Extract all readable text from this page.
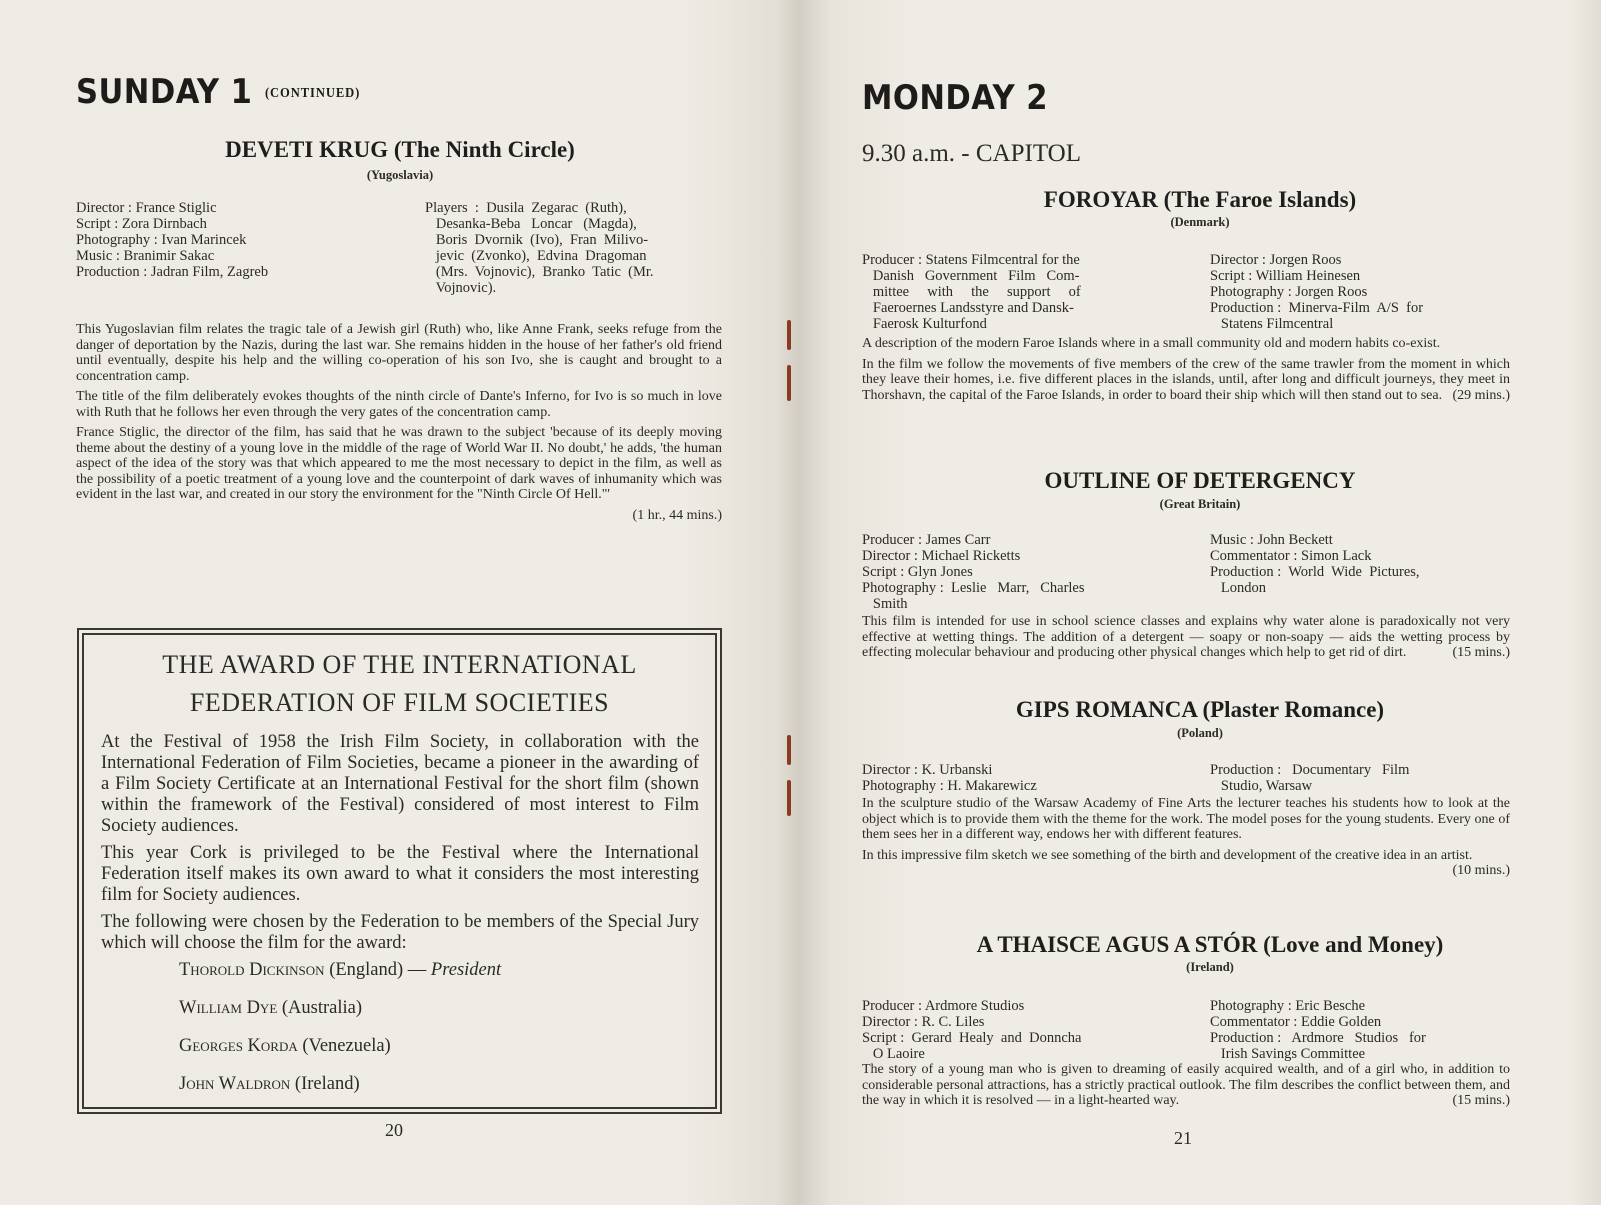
SUNDAY 1 (CONTINUED)
DEVETI KRUG (The Ninth Circle)
(Yugoslavia)
Director : France Stiglic
Script : Zora Dirnbach
Photography : Ivan Marincek
Music : Branimir Sakac
Production : Jadran Film, Zagreb
Players  :  Dusila  Zegarac  (Ruth),
Desanka-Beba   Loncar   (Magda),
Boris  Dvornik  (Ivo),  Fran  Milivo-
jevic  (Zvonko),  Edvina  Dragoman
(Mrs.  Vojnovic),  Branko  Tatic  (Mr.
Vojnovic).

This Yugoslavian film relates the tragic tale of a Jewish girl (Ruth) who, like Anne Frank, seeks refuge from the danger of deportation by the Nazis, during the last war. She remains hidden in the house of her father's old friend until eventually, despite his help and the willing co-operation of his son Ivo, she is caught and brought to a concentration camp.

The title of the film deliberately evokes thoughts of the ninth circle of Dante's Inferno, for Ivo is so much in love with Ruth that he follows her even through the very gates of the concentration camp.

France Stiglic, the director of the film, has said that he was drawn to the subject 'because of its deeply moving theme about the destiny of a young love in the middle of the rage of World War II. No doubt,' he adds, 'the human aspect of the idea of the story was that which appeared to me the most necessary to depict in the film, as well as the possibility of a poetic treatment of a young love and the counterpoint of dark waves of inhumanity which was evident in the last war, and created in our story the environment for the "Ninth Circle Of Hell."'

(1 hr., 44 mins.)
THE AWARD OF THE INTERNATIONAL
FEDERATION OF FILM SOCIETIES

At the Festival of 1958 the Irish Film Society, in collaboration with the International Federation of Film Societies, became a pioneer in the awarding of a Film Society Certificate at an International Festival for the short film (shown within the framework of the Festival) considered of most interest to Film Society audiences.

This year Cork is privileged to be the Festival where the International Federation itself makes its own award to what it considers the most interesting film for Society audiences.

The following were chosen by the Federation to be members of the Special Jury which will choose the film for the award:

Thorold Dickinson (England) — President
William Dye (Australia)
Georges Korda (Venezuela)
John Waldron (Ireland)
20
MONDAY 2
9.30 a.m. - CAPITOL
FOROYAR (The Faroe Islands)
(Denmark)
Producer : Statens Filmcentral for the
Danish   Government   Film   Com-
mittee     with     the     support     of
Faeroernes Landsstyre and Dansk-
Faerosk Kulturfond
Director : Jorgen Roos
Script : William Heinesen
Photography : Jorgen Roos
Production :  Minerva-Film  A/S  for
Statens Filmcentral

A description of the modern Faroe Islands where in a small community old and modern habits co-exist.

In the film we follow the movements of five members of the crew of the same trawler from the moment in which they leave their homes, i.e. five different places in the islands, until, after long and difficult journeys, they meet in Thorshavn, the capital of the Faroe Islands, in order to board their ship which will then stand out to sea. (29 mins.)

OUTLINE OF DETERGENCY
(Great Britain)
Producer : James Carr
Director : Michael Ricketts
Script : Glyn Jones
Photography :  Leslie   Marr,   Charles
Smith
Music : John Beckett
Commentator : Simon Lack
Production :  World  Wide  Pictures,
London

This film is intended for use in school science classes and explains why water alone is paradoxically not very effective at wetting things. The addition of a detergent — soapy or non-soapy — aids the wetting process by effecting molecular behaviour and producing other physical changes which help to get rid of dirt.	(15 mins.)

GIPS ROMANCA (Plaster Romance)
(Poland)
Director : K. Urbanski
Photography : H. Makarewicz
Production :   Documentary   Film
Studio, Warsaw

In the sculpture studio of the Warsaw Academy of Fine Arts the lecturer teaches his students how to look at the object which is to provide them with the theme for the work. The model poses for the young students. Every one of them sees her in a different way, endows her with different features.

In this impressive film sketch we see something of the birth and development of the creative idea in an artist.
(10 mins.)

A THAISCE AGUS A STÓR (Love and Money)
(Ireland)
Producer : Ardmore Studios
Director : R. C. Liles
Script :  Gerard  Healy  and  Donncha
O Laoire
Photography : Eric Besche
Commentator : Eddie Golden
Production :   Ardmore   Studios   for
Irish Savings Committee

The story of a young man who is given to dreaming of easily acquired wealth, and of a girl who, in addition to considerable personal attractions, has a strictly practical outlook. The film describes the conflict between them, and the way in which it is resolved — in a light-hearted way.	(15 mins.)

21
